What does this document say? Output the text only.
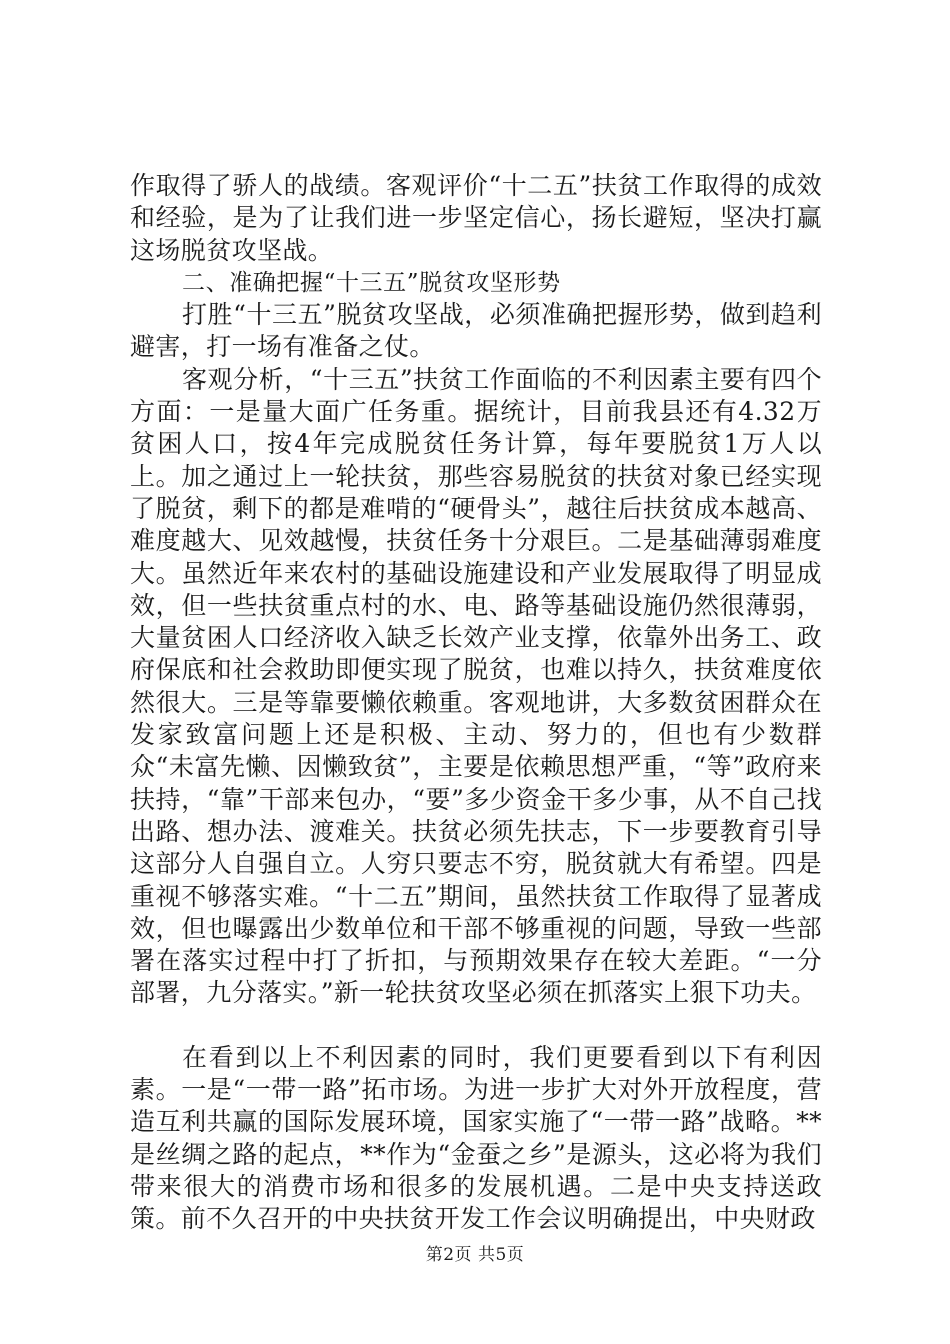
作取得了骄人的战绩。客观评价“十二五”扶贫工作取得的成效和经验，是为了让我们进一步坚定信心，扬长避短，坚决打赢这场脱贫攻坚战。

二、准确把握“十三五”脱贫攻坚形势

打胜“十三五”脱贫攻坚战，必须准确把握形势，做到趋利避害，打一场有准备之仗。

客观分析，“十三五”扶贫工作面临的不利因素主要有四个方面：一是量大面广任务重。据统计，目前我县还有4.32万贫困人口，按4年完成脱贫任务计算，每年要脱贫1万人以上。加之通过上一轮扶贫，那些容易脱贫的扶贫对象已经实现了脱贫，剩下的都是难啃的“硬骨头”，越往后扶贫成本越高、难度越大、见效越慢，扶贫任务十分艰巨。二是基础薄弱难度大。虽然近年来农村的基础设施建设和产业发展取得了明显成效，但一些扶贫重点村的水、电、路等基础设施仍然很薄弱，大量贫困人口经济收入缺乏长效产业支撑，依靠外出务工、政府保底和社会救助即便实现了脱贫，也难以持久，扶贫难度依然很大。三是等靠要懒依赖重。客观地讲，大多数贫困群众在发家致富问题上还是积极、主动、努力的，但也有少数群众“未富先懒、因懒致贫”，主要是依赖思想严重，“等”政府来扶持，“靠”干部来包办，“要”多少资金干多少事，从不自己找出路、想办法、渡难关。扶贫必须先扶志，下一步要教育引导这部分人自强自立。人穷只要志不穷，脱贫就大有希望。四是重视不够落实难。“十二五”期间，虽然扶贫工作取得了显著成效，但也曝露出少数单位和干部不够重视的问题，导致一些部署在落实过程中打了折扣，与预期效果存在较大差距。“一分部署，九分落实。”新一轮扶贫攻坚必须在抓落实上狠下功夫。

在看到以上不利因素的同时，我们更要看到以下有利因素。一是“一带一路”拓市场。为进一步扩大对外开放程度，营造互利共赢的国际发展环境，国家实施了“一带一路”战略。**是丝绸之路的起点，**作为“金蚕之乡”是源头，这必将为我们带来很大的消费市场和很多的发展机遇。二是中央支持送政策。前不久召开的中央扶贫开发工作会议明确提出，中央财政

第2页 共5页
